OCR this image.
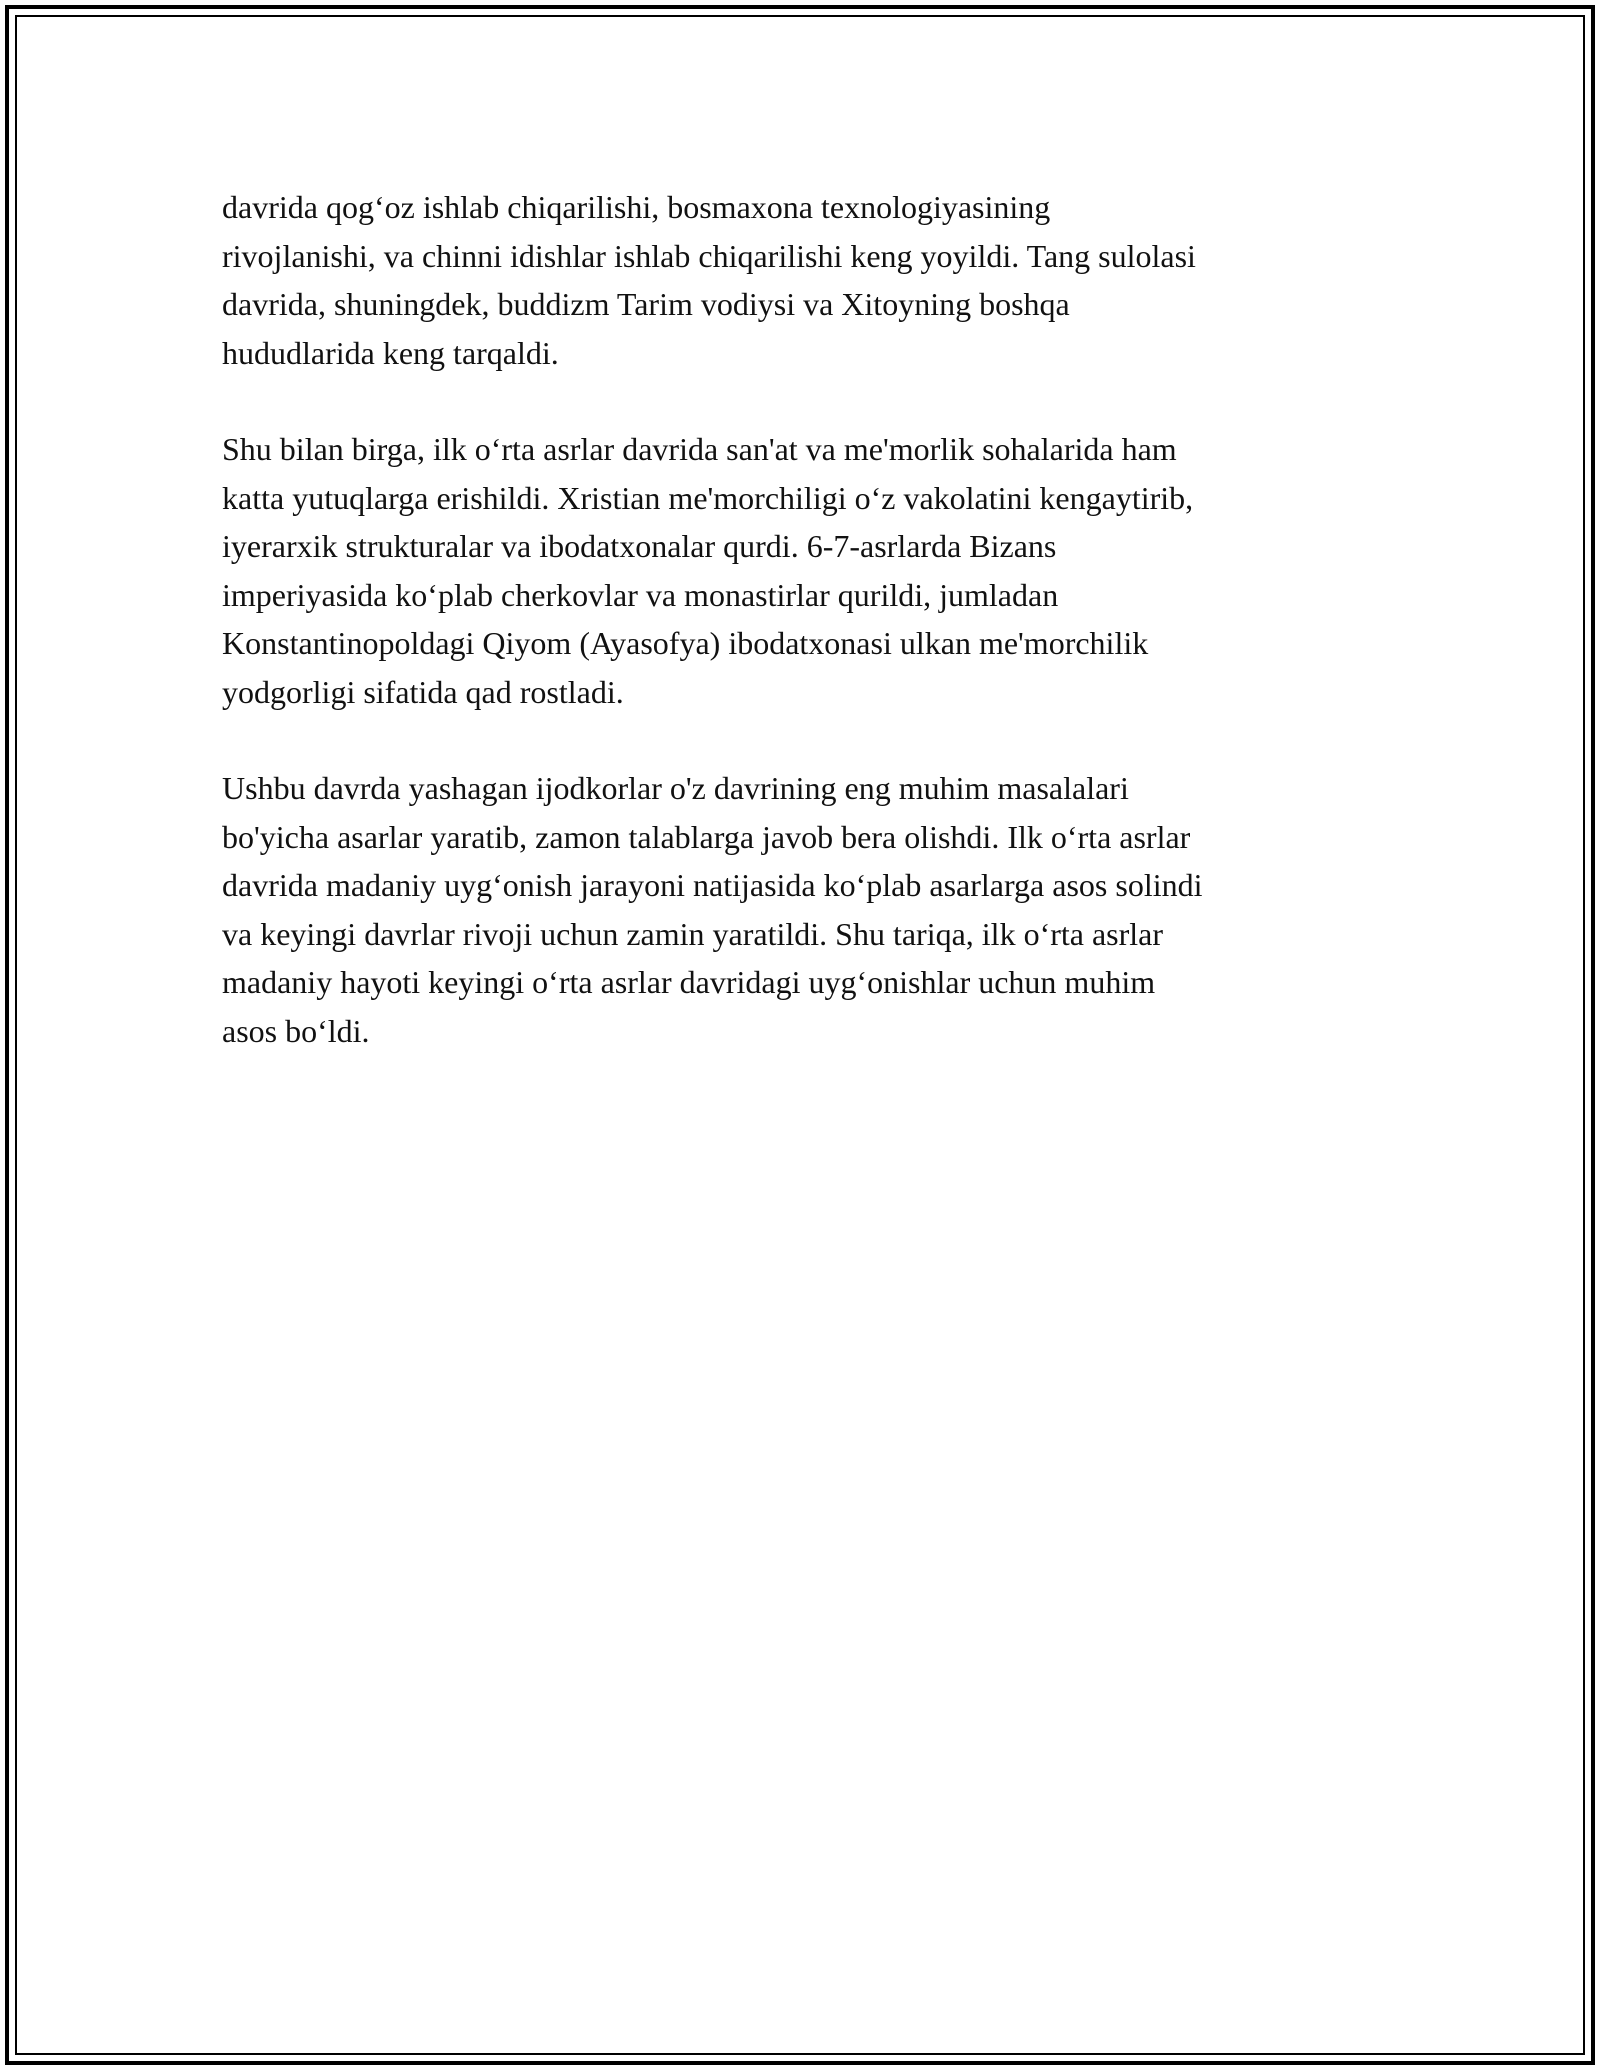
davrida qog‘oz ishlab chiqarilishi, bosmaxona texnologiyasining
rivojlanishi, va chinni idishlar ishlab chiqarilishi keng yoyildi. Tang sulolasi
davrida, shuningdek, buddizm Tarim vodiysi va Xitoyning boshqa
hududlarida keng tarqaldi.

Shu bilan birga, ilk o‘rta asrlar davrida san'at va me'morlik sohalarida ham
katta yutuqlarga erishildi. Xristian me'morchiligi o‘z vakolatini kengaytirib,
iyerarxik strukturalar va ibodatxonalar qurdi. 6-7-asrlarda Bizans
imperiyasida ko‘plab cherkovlar va monastirlar qurildi, jumladan
Konstantinopoldagi Qiyom (Ayasofya) ibodatxonasi ulkan me'morchilik
yodgorligi sifatida qad rostladi.

Ushbu davrda yashagan ijodkorlar o'z davrining eng muhim masalalari
bo'yicha asarlar yaratib, zamon talablarga javob bera olishdi. Ilk o‘rta asrlar
davrida madaniy uyg‘onish jarayoni natijasida ko‘plab asarlarga asos solindi
va keyingi davrlar rivoji uchun zamin yaratildi. Shu tariqa, ilk o‘rta asrlar
madaniy hayoti keyingi o‘rta asrlar davridagi uyg‘onishlar uchun muhim
asos bo‘ldi.
